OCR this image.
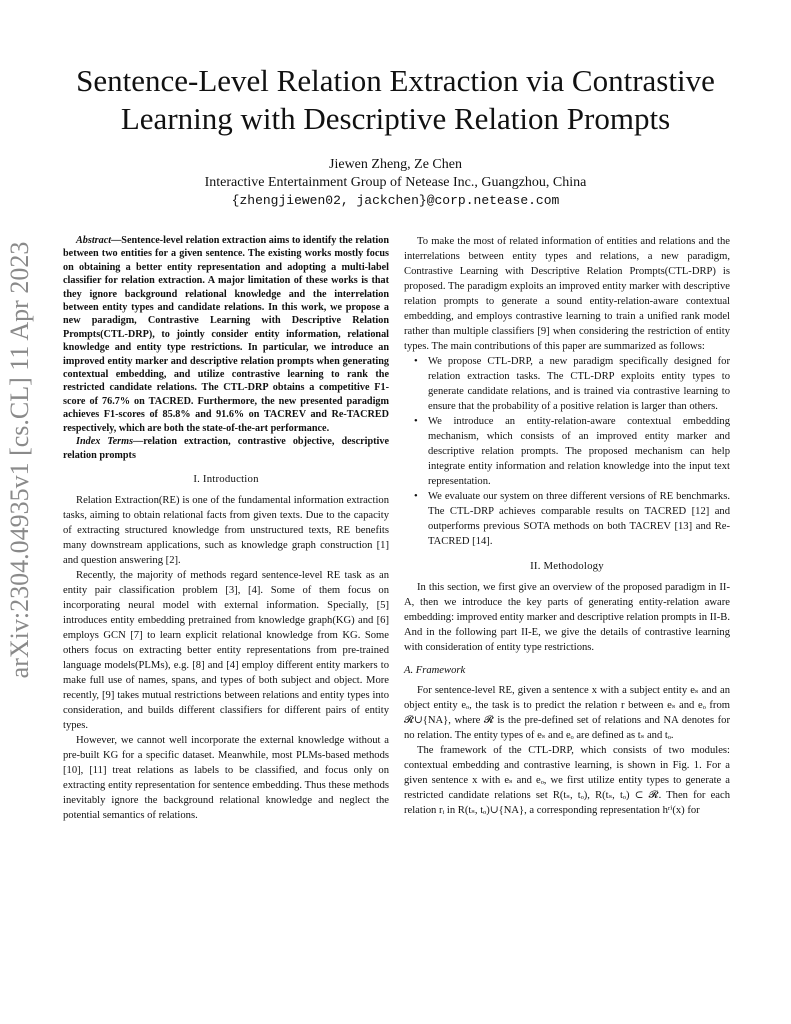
Sentence-Level Relation Extraction via Contrastive Learning with Descriptive Relation Prompts
Jiewen Zheng, Ze Chen
Interactive Entertainment Group of Netease Inc., Guangzhou, China
{zhengjiewen02, jackchen}@corp.netease.com
arXiv:2304.04935v1 [cs.CL] 11 Apr 2023

Abstract—Sentence-level relation extraction aims to identify the relation between two entities for a given sentence. The existing works mostly focus on obtaining a better entity representation and adopting a multi-label classifier for relation extraction. A major limitation of these works is that they ignore background relational knowledge and the interrelation between entity types and candidate relations. In this work, we propose a new paradigm, Contrastive Learning with Descriptive Relation Prompts(CTL-DRP), to jointly consider entity information, relational knowledge and entity type restrictions. In particular, we introduce an improved entity marker and descriptive relation prompts when generating contextual embedding, and utilize contrastive learning to rank the restricted candidate relations. The CTL-DRP obtains a competitive F1-score of 76.7% on TACRED. Furthermore, the new presented paradigm achieves F1-scores of 85.8% and 91.6% on TACREV and Re-TACRED respectively, which are both the state-of-the-art performance.

Index Terms—relation extraction, contrastive objective, descriptive relation prompts

I. Introduction

Relation Extraction(RE) is one of the fundamental information extraction tasks, aiming to obtain relational facts from given texts. Due to the capacity of extracting structured knowledge from unstructured texts, RE benefits many downstream applications, such as knowledge graph construction [1] and question answering [2].

Recently, the majority of methods regard sentence-level RE task as an entity pair classification problem [3], [4]. Some of them focus on incorporating neural model with external information. Specially, [5] introduces entity embedding pretrained from knowledge graph(KG) and [6] employs GCN [7] to learn explicit relational knowledge from KG. Some others focus on extracting better entity representations from pre-trained language models(PLMs), e.g. [8] and [4] employ different entity markers to make full use of names, spans, and types of both subject and object. More recently, [9] takes mutual restrictions between relations and entity types into consideration, and builds different classifiers for different pairs of entity types.

However, we cannot well incorporate the external knowledge without a pre-built KG for a specific dataset. Meanwhile, most PLMs-based methods [10], [11] treat relations as labels to be classified, and focus only on extracting entity representation for sentence embedding. Thus these methods inevitably ignore the background relational knowledge and neglect the potential semantics of relations.

To make the most of related information of entities and relations and the interrelations between entity types and relations, a new paradigm, Contrastive Learning with Descriptive Relation Prompts(CTL-DRP) is proposed. The paradigm exploits an improved entity marker with descriptive relation prompts to generate a sound entity-relation-aware contextual embedding, and employs contrastive learning to train a unified rank model rather than multiple classifiers [9] when considering the restriction of entity types. The main contributions of this paper are summarized as follows:

• We propose CTL-DRP, a new paradigm specifically designed for relation extraction tasks. The CTL-DRP exploits entity types to generate candidate relations, and is trained via contrastive learning to ensure that the probability of a positive relation is larger than others.
• We introduce an entity-relation-aware contextual embedding mechanism, which consists of an improved entity marker and descriptive relation prompts. The proposed mechanism can help integrate entity information and relation knowledge into the input text representation.
• We evaluate our system on three different versions of RE benchmarks. The CTL-DRP achieves comparable results on TACRED [12] and outperforms previous SOTA methods on both TACREV [13] and Re-TACRED [14].
II. Methodology

In this section, we first give an overview of the proposed paradigm in II-A, then we introduce the key parts of generating entity-relation aware embedding: improved entity marker and descriptive relation prompts in II-B. And in the following part II-E, we give the details of contrastive learning with consideration of entity type restrictions.

A. Framework

For sentence-level RE, given a sentence x with a subject entity eₛ and an object entity eₒ, the task is to predict the relation r between eₛ and eₒ from 𝓡∪{NA}, where 𝓡 is the pre-defined set of relations and NA denotes for no relation. The entity types of eₛ and eₒ are defined as tₛ and tₒ.

The framework of the CTL-DRP, which consists of two modules: contextual embedding and contrastive learning, is shown in Fig. 1. For a given sentence x with eₛ and eₒ, we first utilize entity types to generate a restricted candidate relations set R(tₛ, tₒ), R(tₛ, tₒ) ⊂ 𝓡. Then for each relation rᵢ in R(tₛ, tₒ)∪{NA}, a corresponding representation hʳⁱ(x) for
